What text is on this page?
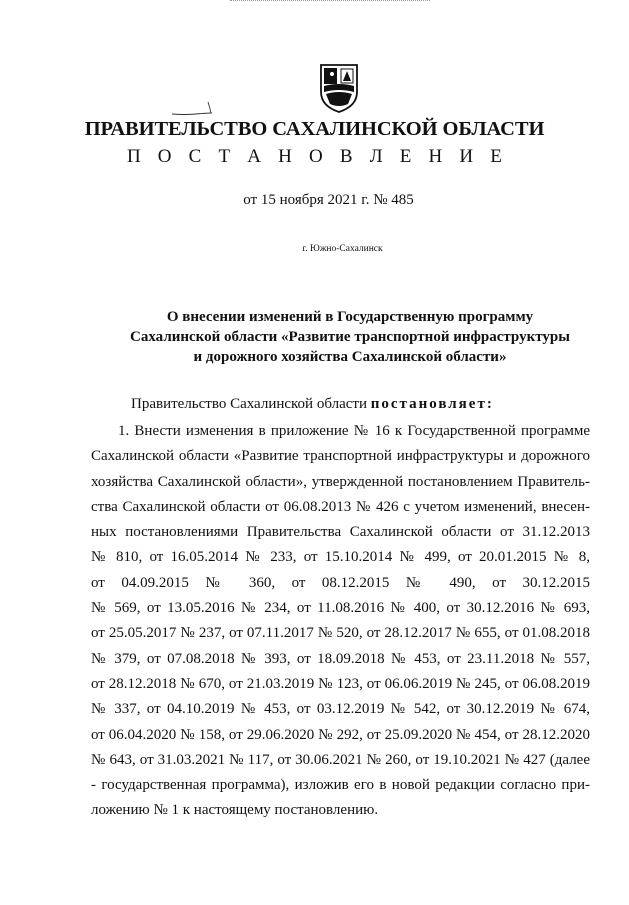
ПРАВИТЕЛЬСТВО САХАЛИНСКОЙ ОБЛАСТИ
П О С Т А Н О В Л Е Н И Е
от 15 ноября 2021 г. № 485
г. Южно-Сахалинск
О внесении изменений в Государственную программу
Сахалинской области «Развитие транспортной инфраструктуры
и дорожного хозяйства Сахалинской области»
Правительство Сахалинской области постановляет:
1. Внести изменения в приложение № 16 к Государственной программе
Сахалинской области «Развитие транспортной инфраструктуры и дорожного
хозяйства Сахалинской области», утвержденной постановлением Правитель-
ства Сахалинской области от 06.08.2013 № 426 с учетом изменений, внесен-
ных постановлениями Правительства Сахалинской области от 31.12.2013
№ 810, от 16.05.2014 № 233, от 15.10.2014 № 499, от 20.01.2015 № 8,
от 04.09.2015 № 360, от 08.12.2015 № 490, от 30.12.2015
№ 569, от 13.05.2016 № 234, от 11.08.2016 № 400, от 30.12.2016 № 693,
от 25.05.2017 № 237, от 07.11.2017 № 520, от 28.12.2017 № 655, от 01.08.2018
№ 379, от 07.08.2018 № 393, от 18.09.2018 № 453, от 23.11.2018 № 557,
от 28.12.2018 № 670, от 21.03.2019 № 123, от 06.06.2019 № 245, от 06.08.2019
№ 337, от 04.10.2019 № 453, от 03.12.2019 № 542, от 30.12.2019 № 674,
от 06.04.2020 № 158, от 29.06.2020 № 292, от 25.09.2020 № 454, от 28.12.2020
№ 643, от 31.03.2021 № 117, от 30.06.2021 № 260, от 19.10.2021 № 427 (далее
- государственная программа), изложив его в новой редакции согласно при-
ложению № 1 к настоящему постановлению.
